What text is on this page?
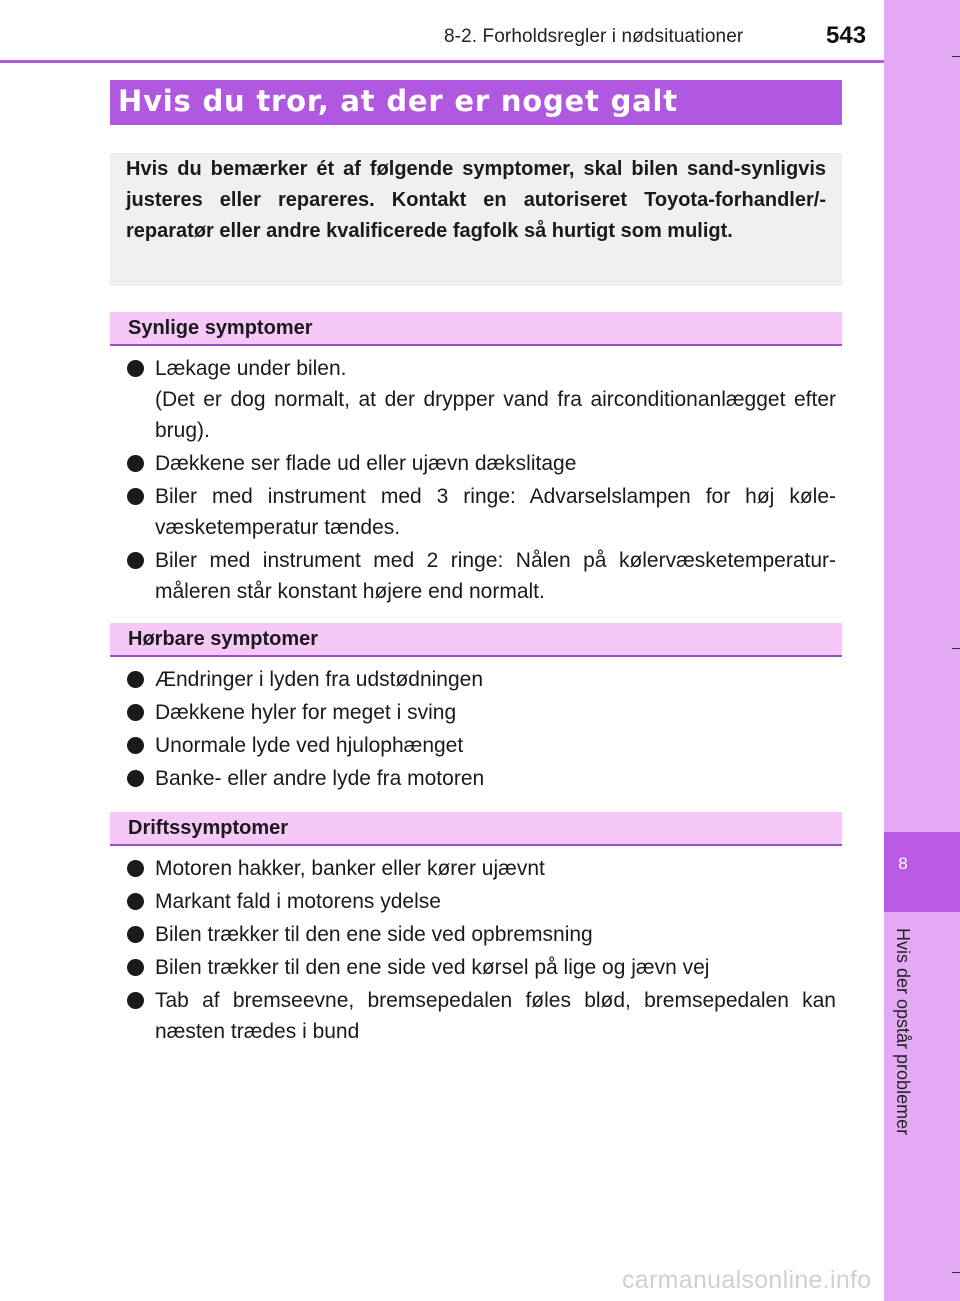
8
Hvis der opstår problemer
8-2. Forholdsregler i nødsituationer	543
Hvis du tror, at der er noget galt

Hvis du bemærker ét af følgende symptomer, skal bilen sand-synligvis justeres eller repareres. Kontakt en autoriseret Toyota-forhandler/-reparatør eller andre kvalificerede fagfolk så hurtigt som muligt.

Synlige symptomer
Lækage under bilen.
(Det er dog normalt, at der drypper vand fra airconditionanlægget efter brug).
Dækkene ser flade ud eller ujævn dækslitage
Biler med instrument med 3 ringe: Advarselslampen for høj køle-væsketemperatur tændes.
Biler med instrument med 2 ringe: Nålen på kølervæsketemperatur-måleren står konstant højere end normalt.
Hørbare symptomer
Ændringer i lyden fra udstødningen
Dækkene hyler for meget i sving
Unormale lyde ved hjulophænget
Banke- eller andre lyde fra motoren
Driftssymptomer
Motoren hakker, banker eller kører ujævnt
Markant fald i motorens ydelse
Bilen trækker til den ene side ved opbremsning
Bilen trækker til den ene side ved kørsel på lige og jævn vej
Tab af bremseevne, bremsepedalen føles blød, bremsepedalen kan næsten trædes i bund
carmanualsonline.info
